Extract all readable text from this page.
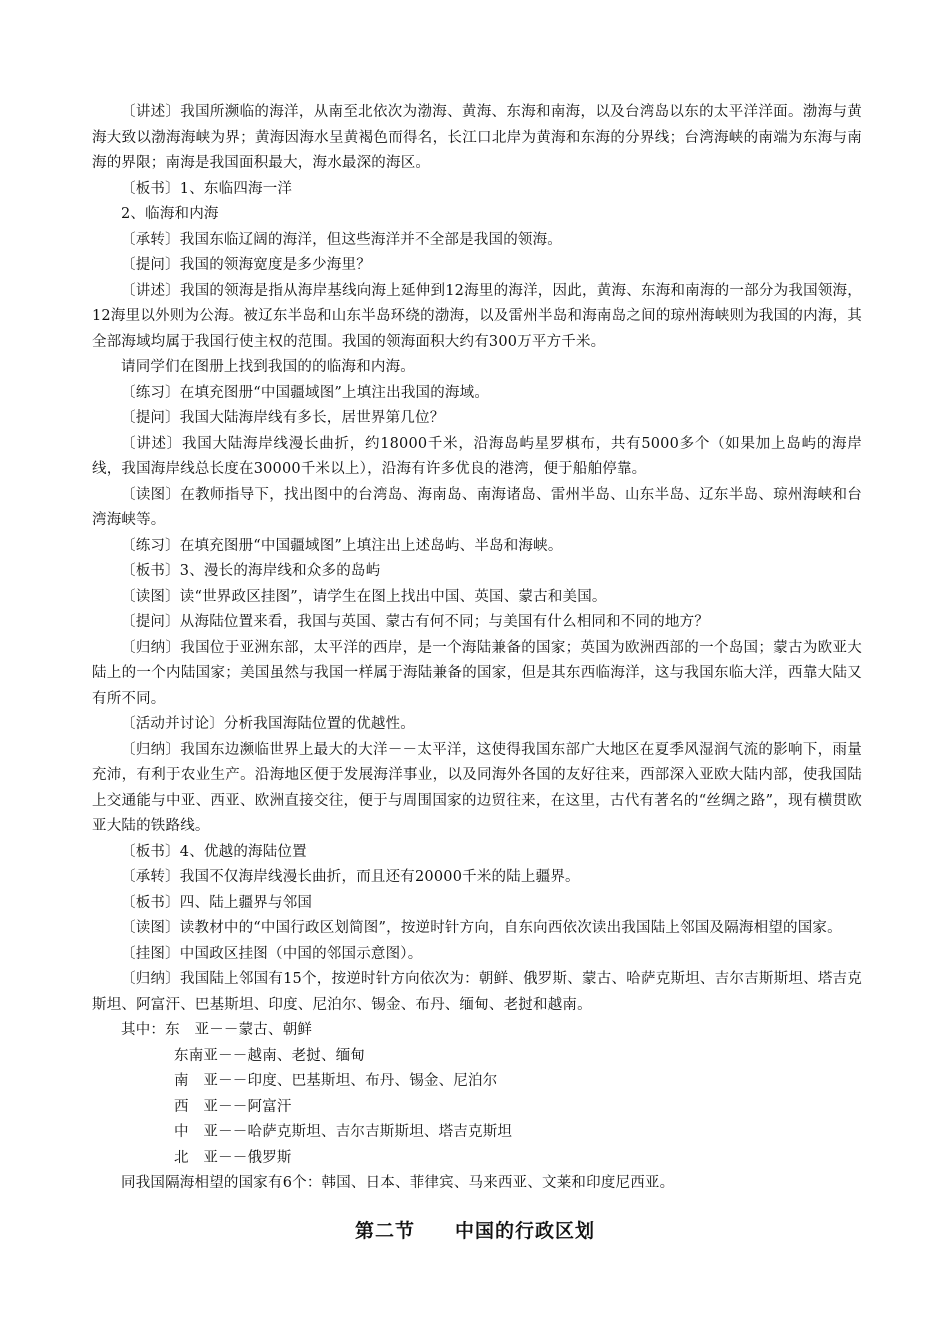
〔讲述〕我国所濒临的海洋，从南至北依次为渤海、黄海、东海和南海，以及台湾岛以东的太平洋洋面。渤海与黄海大致以渤海海峡为界；黄海因海水呈黄褐色而得名，长江口北岸为黄海和东海的分界线；台湾海峡的南端为东海与南海的界限；南海是我国面积最大，海水最深的海区。

〔板书〕1、东临四海一洋

2、临海和内海

〔承转〕我国东临辽阔的海洋，但这些海洋并不全部是我国的领海。

〔提问〕我国的领海宽度是多少海里？

〔讲述〕我国的领海是指从海岸基线向海上延伸到12海里的海洋，因此，黄海、东海和南海的一部分为我国领海，12海里以外则为公海。被辽东半岛和山东半岛环绕的渤海，以及雷州半岛和海南岛之间的琼州海峡则为我国的内海，其全部海域均属于我国行使主权的范围。我国的领海面积大约有300万平方千米。

请同学们在图册上找到我国的的临海和内海。

〔练习〕在填充图册“中国疆域图”上填注出我国的海域。

〔提问〕我国大陆海岸线有多长，居世界第几位？

〔讲述〕我国大陆海岸线漫长曲折，约18000千米，沿海岛屿星罗棋布，共有5000多个（如果加上岛屿的海岸线，我国海岸线总长度在30000千米以上），沿海有许多优良的港湾，便于船舶停靠。

〔读图〕在教师指导下，找出图中的台湾岛、海南岛、南海诸岛、雷州半岛、山东半岛、辽东半岛、琼州海峡和台湾海峡等。

〔练习〕在填充图册“中国疆域图”上填注出上述岛屿、半岛和海峡。

〔板书〕3、漫长的海岸线和众多的岛屿

〔读图〕读“世界政区挂图”，请学生在图上找出中国、英国、蒙古和美国。

〔提问〕从海陆位置来看，我国与英国、蒙古有何不同；与美国有什么相同和不同的地方？

〔归纳〕我国位于亚洲东部，太平洋的西岸，是一个海陆兼备的国家；英国为欧洲西部的一个岛国；蒙古为欧亚大陆上的一个内陆国家；美国虽然与我国一样属于海陆兼备的国家，但是其东西临海洋，这与我国东临大洋，西靠大陆又有所不同。

〔活动并讨论〕分析我国海陆位置的优越性。

〔归纳〕我国东边濒临世界上最大的大洋－－太平洋，这使得我国东部广大地区在夏季风湿润气流的影响下，雨量充沛，有利于农业生产。沿海地区便于发展海洋事业，以及同海外各国的友好往来，西部深入亚欧大陆内部，使我国陆上交通能与中亚、西亚、欧洲直接交往，便于与周围国家的边贸往来，在这里，古代有著名的“丝绸之路”，现有横贯欧亚大陆的铁路线。

〔板书〕4、优越的海陆位置

〔承转〕我国不仅海岸线漫长曲折，而且还有20000千米的陆上疆界。

〔板书〕四、陆上疆界与邻国

〔读图〕读教材中的“中国行政区划简图”，按逆时针方向，自东向西依次读出我国陆上邻国及隔海相望的国家。

〔挂图〕中国政区挂图（中国的邻国示意图）。

〔归纳〕我国陆上邻国有15个，按逆时针方向依次为：朝鲜、俄罗斯、蒙古、哈萨克斯坦、吉尔吉斯斯坦、塔吉克斯坦、阿富汗、巴基斯坦、印度、尼泊尔、锡金、布丹、缅甸、老挝和越南。

其中：东　亚－－蒙古、朝鲜

东南亚－－越南、老挝、缅甸

南　亚－－印度、巴基斯坦、布丹、锡金、尼泊尔

西　亚－－阿富汗

中　亚－－哈萨克斯坦、吉尔吉斯斯坦、塔吉克斯坦

北　亚－－俄罗斯

同我国隔海相望的国家有6个：韩国、日本、菲律宾、马来西亚、文莱和印度尼西亚。

第二节　　中国的行政区划
